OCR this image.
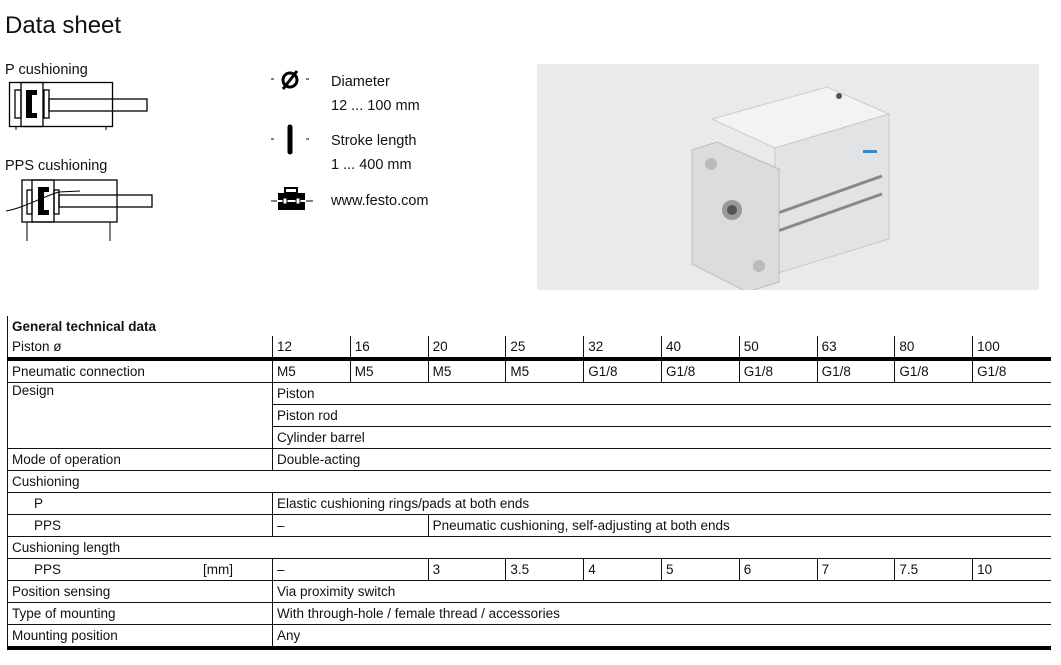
Data sheet
P cushioning
PPS cushioning
Diameter
12 ... 100 mm
Stroke length
1 ... 400 mm
www.festo.com
General technical data										
Piston ø	12	16	20	25	32	40	50	63	80	100
Pneumatic connection	M5	M5	M5	M5	G1/8	G1/8	G1/8	G1/8	G1/8	G1/8
Design	Piston									
	Piston rod									
	Cylinder barrel									
Mode of operation	Double-acting									
Cushioning										
P	Elastic cushioning rings/pads at both ends									
PPS	–		Pneumatic cushioning, self-adjusting at both ends							
Cushioning length										
PPS [mm]	–		3	3.5	4	5	6	7	7.5	10
Position sensing	Via proximity switch									
Type of mounting	With through-hole / female thread / accessories									
Mounting position	Any									
